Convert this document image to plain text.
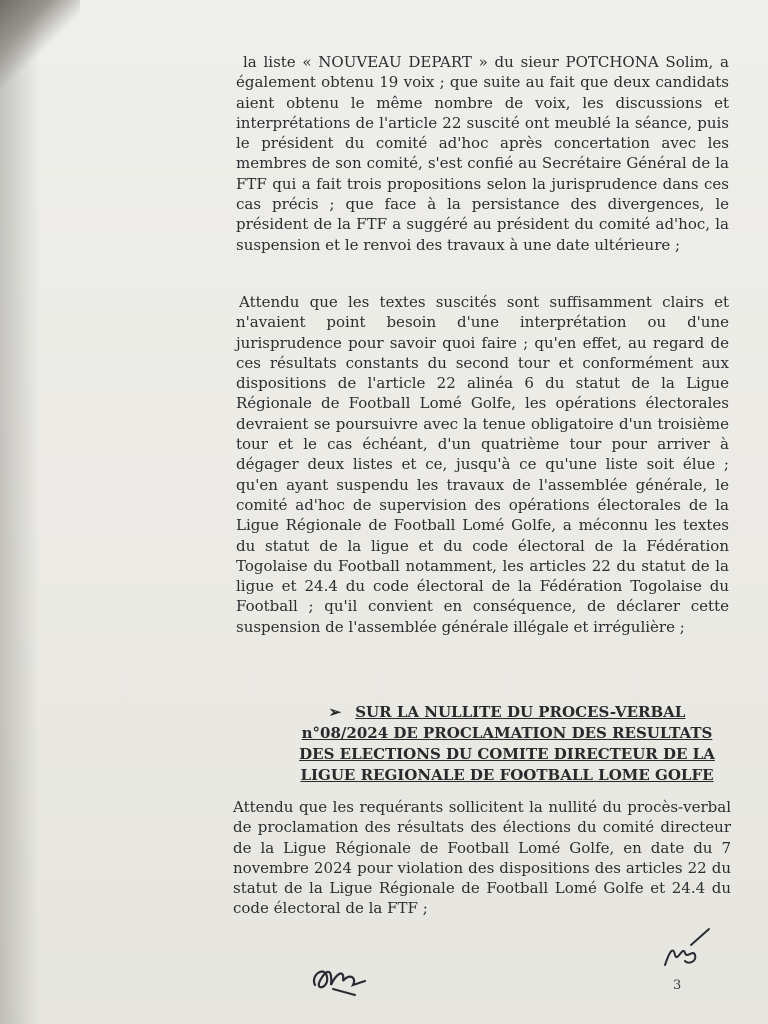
la liste « NOUVEAU DEPART » du sieur POTCHONA Solim, a également obtenu 19 voix ; que suite au fait que deux candidats aient obtenu le même nombre de voix, les discussions et interprétations de l'article 22 suscité ont meublé la séance, puis le président du comité ad'hoc après concertation avec les membres de son comité, s'est confié au Secrétaire Général de la FTF qui a fait trois propositions selon la jurisprudence dans ces cas précis ; que face à la persistance des divergences, le président de la FTF a suggéré au président du comité ad'hoc, la suspension et le renvoi des travaux à une date ultérieure ;

Attendu que les textes suscités sont suffisamment clairs et n'avaient point besoin d'une interprétation ou d'une jurisprudence pour savoir quoi faire ; qu'en effet, au regard de ces résultats constants du second tour et conformément aux dispositions de l'article 22 alinéa 6 du statut de la Ligue Régionale de Football Lomé Golfe, les opérations électorales devraient se poursuivre avec la tenue obligatoire d'un troisième tour et le cas échéant, d'un quatrième tour pour arriver à dégager deux listes et ce, jusqu'à ce qu'une liste soit élue ; qu'en ayant suspendu les travaux de l'assemblée générale, le comité ad'hoc de supervision des opérations électorales de la Ligue Régionale de Football Lomé Golfe, a méconnu les textes du statut de la ligue et du code électoral de la Fédération Togolaise du Football notamment, les articles 22 du statut de la ligue et 24.4 du code électoral de la Fédération Togolaise du Football ; qu'il convient en conséquence, de déclarer cette suspension de l'assemblée générale illégale et irrégulière ;

➢ SUR LA NULLITE DU PROCES-VERBAL n°08/2024 DE PROCLAMATION DES RESULTATS DES ELECTIONS DU COMITE DIRECTEUR DE LA LIGUE REGIONALE DE FOOTBALL LOME GOLFE

Attendu que les requérants sollicitent la nullité du procès-verbal de proclamation des résultats des élections du comité directeur de la Ligue Régionale de Football Lomé Golfe, en date du 7 novembre 2024 pour violation des dispositions des articles 22 du statut de la Ligue Régionale de Football Lomé Golfe et 24.4 du code électoral de la FTF ;

3
